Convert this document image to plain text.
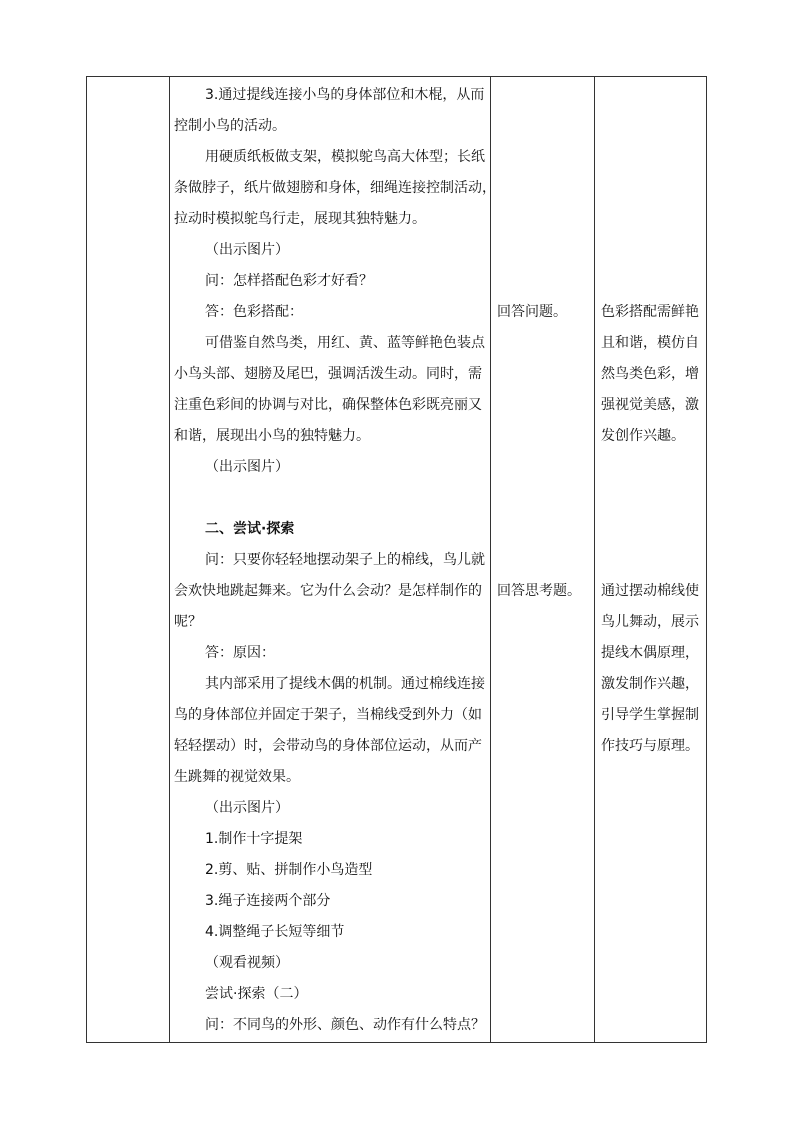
3.通过提线连接小鸟的身体部位和木棍，从而
控制小鸟的活动。
用硬质纸板做支架，模拟鸵鸟高大体型；长纸
条做脖子，纸片做翅膀和身体，细绳连接控制活动，
拉动时模拟鸵鸟行走，展现其独特魅力。
（出示图片）
问：怎样搭配色彩才好看？
答：色彩搭配：
可借鉴自然鸟类，用红、黄、蓝等鲜艳色装点
小鸟头部、翅膀及尾巴，强调活泼生动。同时，需
注重色彩间的协调与对比，确保整体色彩既亮丽又
和谐，展现出小鸟的独特魅力。
（出示图片）
二、尝试·探索
问：只要你轻轻地摆动架子上的棉线，鸟儿就
会欢快地跳起舞来。它为什么会动？是怎样制作的
呢？
答：原因：
其内部采用了提线木偶的机制。通过棉线连接
鸟的身体部位并固定于架子，当棉线受到外力（如
轻轻摆动）时，会带动鸟的身体部位运动，从而产
生跳舞的视觉效果。
（出示图片）
1.制作十字提架
2.剪、贴、拼制作小鸟造型
3.绳子连接两个部分
4.调整绳子长短等细节
（观看视频）
尝试·探索（二）
问：不同鸟的外形、颜色、动作有什么特点？
回答问题。
回答思考题。
色彩搭配需鲜艳
且和谐，模仿自
然鸟类色彩，增
强视觉美感，激
发创作兴趣。
通过摆动棉线使
鸟儿舞动，展示
提线木偶原理，
激发制作兴趣，
引导学生掌握制
作技巧与原理。
